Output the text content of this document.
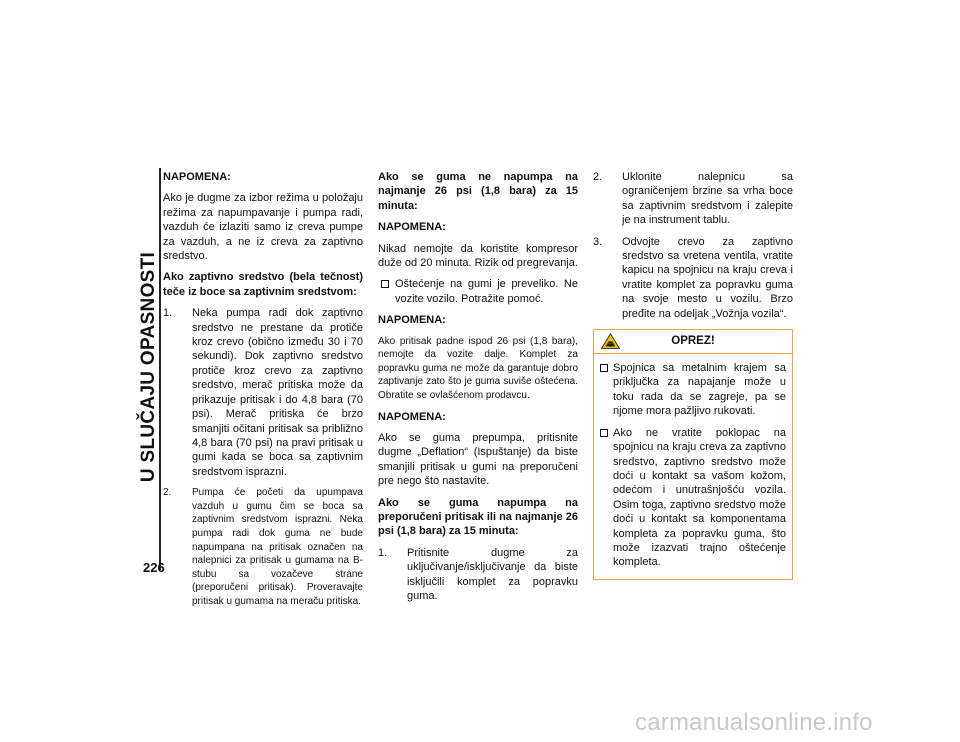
U SLUČAJU OPASNOSTI
226

NAPOMENA:

Ako je dugme za izbor režima u položaju režima za napumpavanje i pumpa radi, vazduh će izlaziti samo iz creva pumpe za vazduh, a ne iz creva za zaptivno sredstvo.

Ako zaptivno sredstvo (bela tečnost) teče iz boce sa zaptivnim sredstvom:

1. Neka pumpa radi dok zaptivno sredstvo ne prestane da protiče kroz crevo (obično između 30 i 70 sekundi). Dok zaptivno sredstvo protiče kroz crevo za zaptivno sredstvo, merač pritiska može da prikazuje pritisak i do 4,8 bara (70 psi). Merač pritiska će brzo smanjiti očitani pritisak sa približno 4,8 bara (70 psi) na pravi pritisak u gumi kada se boca sa zaptivnim sredstvom isprazni.
2. Pumpa će početi da upumpava vazduh u gumu čim se boca sa zaptivnim sredstvom isprazni. Neka pumpa radi dok guma ne bude napumpana na pritisak označen na nalepnici za pritisak u gumama na B-stubu sa vozačeve strane (preporučeni pritisak). Proveravajte pritisak u gumama na meraču pritiska.

Ako se guma ne napumpa na najmanje 26 psi (1,8 bara) za 15 minuta:

NAPOMENA:

Nikad nemojte da koristite kompresor duže od 20 minuta. Rizik od pregrevanja.

Oštećenje na gumi je preveliko. Ne vozite vozilo. Potražite pomoć.

NAPOMENA:

Ako pritisak padne ispod 26 psi (1,8 bara), nemojte da vozite dalje. Komplet za popravku guma ne može da garantuje dobro zaptivanje zato što je guma suviše oštećena. Obratite se ovlašćenom prodavcu.

NAPOMENA:

Ako se guma prepumpa, pritisnite dugme „Deflation“ (Ispuštanje) da biste smanjili pritisak u gumi na preporučeni pre nego što nastavite.

Ako se guma napumpa na preporučeni pritisak ili na najmanje 26 psi (1,8 bara) za 15 minuta:

1. Pritisnite dugme za uključivanje/isključivanje da biste isključili komplet za popravku guma.
2. Uklonite nalepnicu sa ograničenjem brzine sa vrha boce sa zaptivnim sredstvom i zalepite je na instrument tablu.
3. Odvojte crevo za zaptivno sredstvo sa vretena ventila, vratite kapicu na spojnicu na kraju creva i vratite komplet za popravku guma na svoje mesto u vozilu. Brzo pređite na odeljak „Vožnja vozila“.
OPREZ!
Spojnica sa metalnim krajem sa priključka za napajanje može u toku rada da se zagreje, pa se njome mora pažljivo rukovati.
Ako ne vratite poklopac na spojnicu na kraju creva za zaptivno sredstvo, zaptivno sredstvo može doći u kontakt sa vašom kožom, odećom i unutrašnjošću vozila. Osim toga, zaptivno sredstvo može doći u kontakt sa komponentama kompleta za popravku guma, što može izazvati trajno oštećenje kompleta.
carmanualsonline.info
